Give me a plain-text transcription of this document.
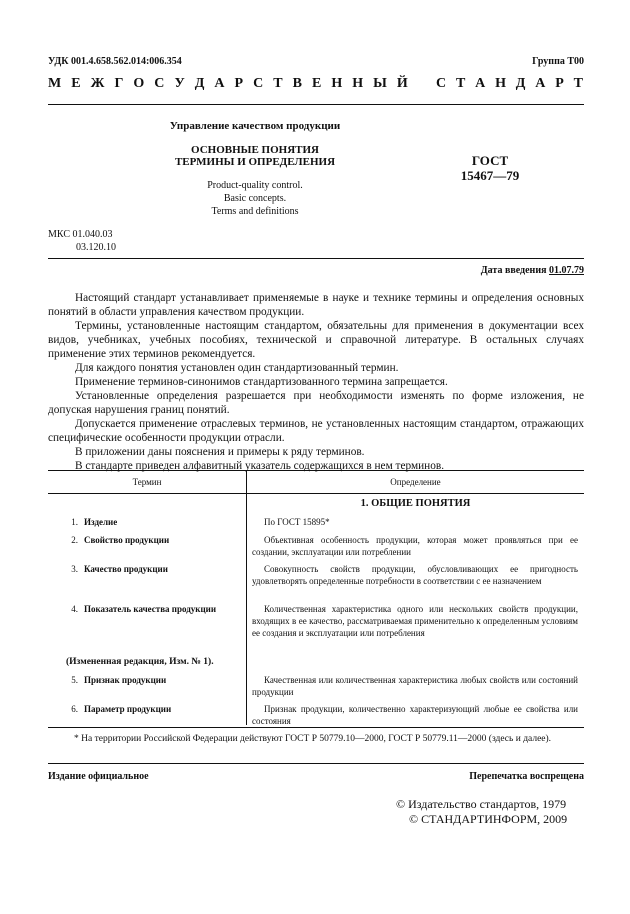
УДК 001.4.658.562.014:006.354	Группа Т00
М Е Ж Г О С У Д А Р С Т В Е Н Н Ы Й С Т А Н Д А Р Т
Управление качеством продукции
ОСНОВНЫЕ ПОНЯТИЯ
ТЕРМИНЫ И ОПРЕДЕЛЕНИЯ
Product-quality control.
Basic concepts.
Terms and definitions
ГОСТ
15467—79
МКС 01.040.03
03.120.10
Дата введения 01.07.79

Настоящий стандарт устанавливает применяемые в науке и технике термины и определения основных понятий в области управления качеством продукции.

Термины, установленные настоящим стандартом, обязательны для применения в документации всех видов, учебниках, учебных пособиях, технической и справочной литературе. В остальных случаях применение этих терминов рекомендуется.

Для каждого понятия установлен один стандартизованный термин.

Применение терминов-синонимов стандартизованного термина запрещается.

Установленные определения разрешается при необходимости изменять по форме изложения, не допуская нарушения границ понятий.

Допускается применение отраслевых терминов, не установленных настоящим стандартом, отражающих специфические особенности продукции отрасли.

В приложении даны пояснения и примеры к ряду терминов.

В стандарте приведен алфавитный указатель содержащихся в нем терминов.

Термин	Определение
1. ОБЩИЕ ПОНЯТИЯ
1. Изделие	По ГОСТ 15895*
2. Свойство продукции	Объективная особенность продукции, которая может проявляться при ее создании, эксплуатации или потреблении
3. Качество продукции	Совокупность свойств продукции, обусловливающих ее пригодность удовлетворять определенные потребности в соответствии с ее назначением
4. Показатель качества продукции	Количественная характеристика одного или нескольких свойств продукции, входящих в ее качество, рассматриваемая применительно к определенным условиям ее создания и эксплуатации или потребления
(Измененная редакция, Изм. № 1).
5. Признак продукции	Качественная или количественная характеристика любых свойств или состояний продукции
6. Параметр продукции	Признак продукции, количественно характеризующий любые ее свойства или состояния
* На территории Российской Федерации действуют ГОСТ Р 50779.10—2000, ГОСТ Р 50779.11—2000 (здесь и далее).
Издание официальное	Перепечатка воспрещена
© Издательство стандартов, 1979
© СТАНДАРТИНФОРМ, 2009
